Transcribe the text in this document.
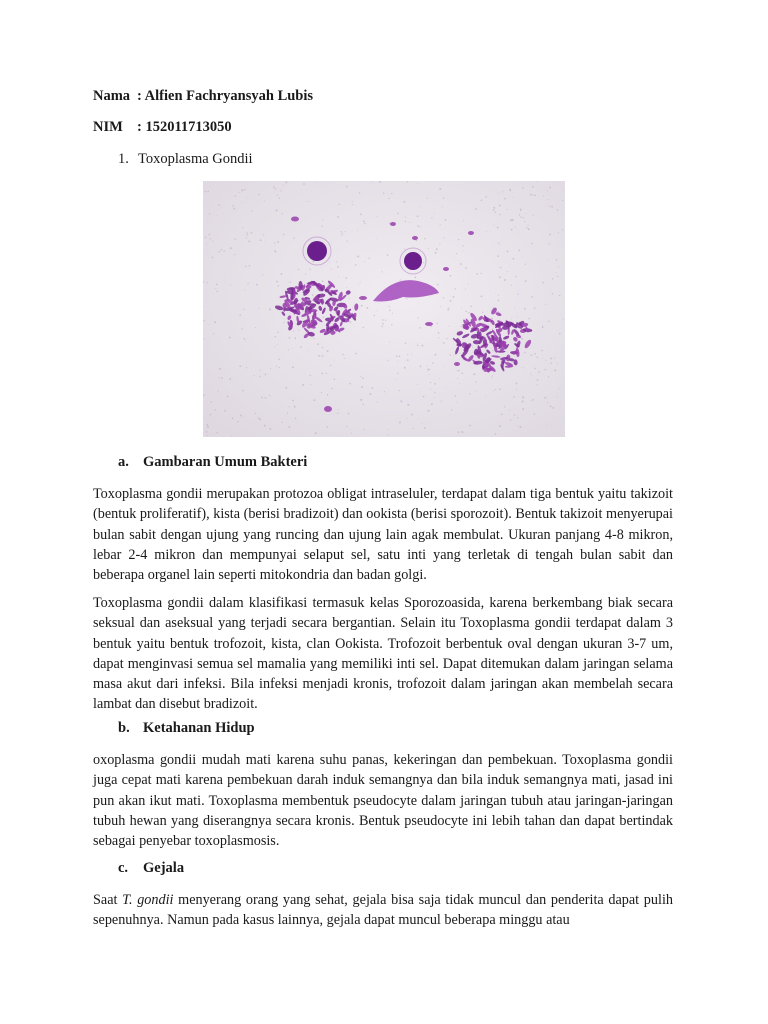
Nama : Alfien Fachryansyah Lubis
NIM : 152011713050
1. Toxoplasma Gondii
a. Gambaran Umum Bakteri

Toxoplasma gondii merupakan protozoa obligat intraseluler, terdapat dalam tiga bentuk yaitu takizoit (bentuk proliferatif), kista (berisi bradizoit) dan ookista (berisi sporozoit). Bentuk takizoit menyerupai bulan sabit dengan ujung yang runcing dan ujung lain agak membulat. Ukuran panjang 4-8 mikron, lebar 2-4 mikron dan mempunyai selaput sel, satu inti yang terletak di tengah bulan sabit dan beberapa organel lain seperti mitokondria dan badan golgi.

Toxoplasma gondii dalam klasifikasi termasuk kelas Sporozoasida, karena berkembang biak secara seksual dan aseksual yang terjadi secara bergantian. Selain itu Toxoplasma gondii terdapat dalam 3 bentuk yaitu bentuk trofozoit, kista, clan Ookista. Trofozoit berbentuk oval dengan ukuran 3-7 um, dapat menginvasi semua sel mamalia yang memiliki inti sel. Dapat ditemukan dalam jaringan selama masa akut dari infeksi. Bila infeksi menjadi kronis, trofozoit dalam jaringan akan membelah secara lambat dan disebut bradizoit.

b. Ketahanan Hidup

oxoplasma gondii mudah mati karena suhu panas, kekeringan dan pembekuan. Toxoplasma gondii juga cepat mati karena pembekuan darah induk semangnya dan bila induk semangnya mati, jasad ini pun akan ikut mati. Toxoplasma membentuk pseudocyte dalam jaringan tubuh atau jaringan-jaringan tubuh hewan yang diserangnya secara kronis. Bentuk pseudocyte ini lebih tahan dan dapat bertindak sebagai penyebar toxoplasmosis.

c. Gejala

Saat T. gondii menyerang orang yang sehat, gejala bisa saja tidak muncul dan penderita dapat pulih sepenuhnya. Namun pada kasus lainnya, gejala dapat muncul beberapa minggu atau
